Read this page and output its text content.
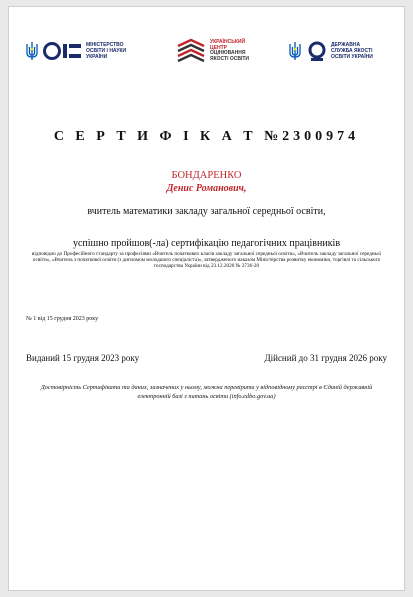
МІНІСТЕРСТВО ОСВІТИ І НАУКИ УКРАЇНИ
УКРАЇНСЬКИЙ
ЦЕНТР
ОЦІНЮВАННЯ
ЯКОСТІ ОСВІТИ
ДЕРЖАВНА СЛУЖБА ЯКОСТІ ОСВІТИ УКРАЇНИ
С Е Р Т И Ф І К А Т №2300974
БОНДАРЕНКО
Денис Романович,
вчитель математики закладу загальної середньої освіти,
успішно пройшов(-ла) сертифікацію педагогічних працівників
відповідно до Професійного стандарту за професіями «Вчитель початкових класів закладу загальної середньої освіти», «Вчитель закладу загальної середньої освіти», «Вчитель з початкової освіти (з дипломом молодшого спеціаліста)», затвердженого наказом Міністерства розвитку економіки, торгівлі та сільського господарства України від 23.12.2020 № 2736-20
№ 1 від 15 грудня 2023 року
Виданий 15 грудня 2023 року	Дійсний до 31 грудня 2026 року
Достовірність Сертифіката та даних, зазначених у ньому, можна перевірити у відповідному реєстрі в Єдиній державній електронній базі з питань освіти (info.edbo.gov.ua)
